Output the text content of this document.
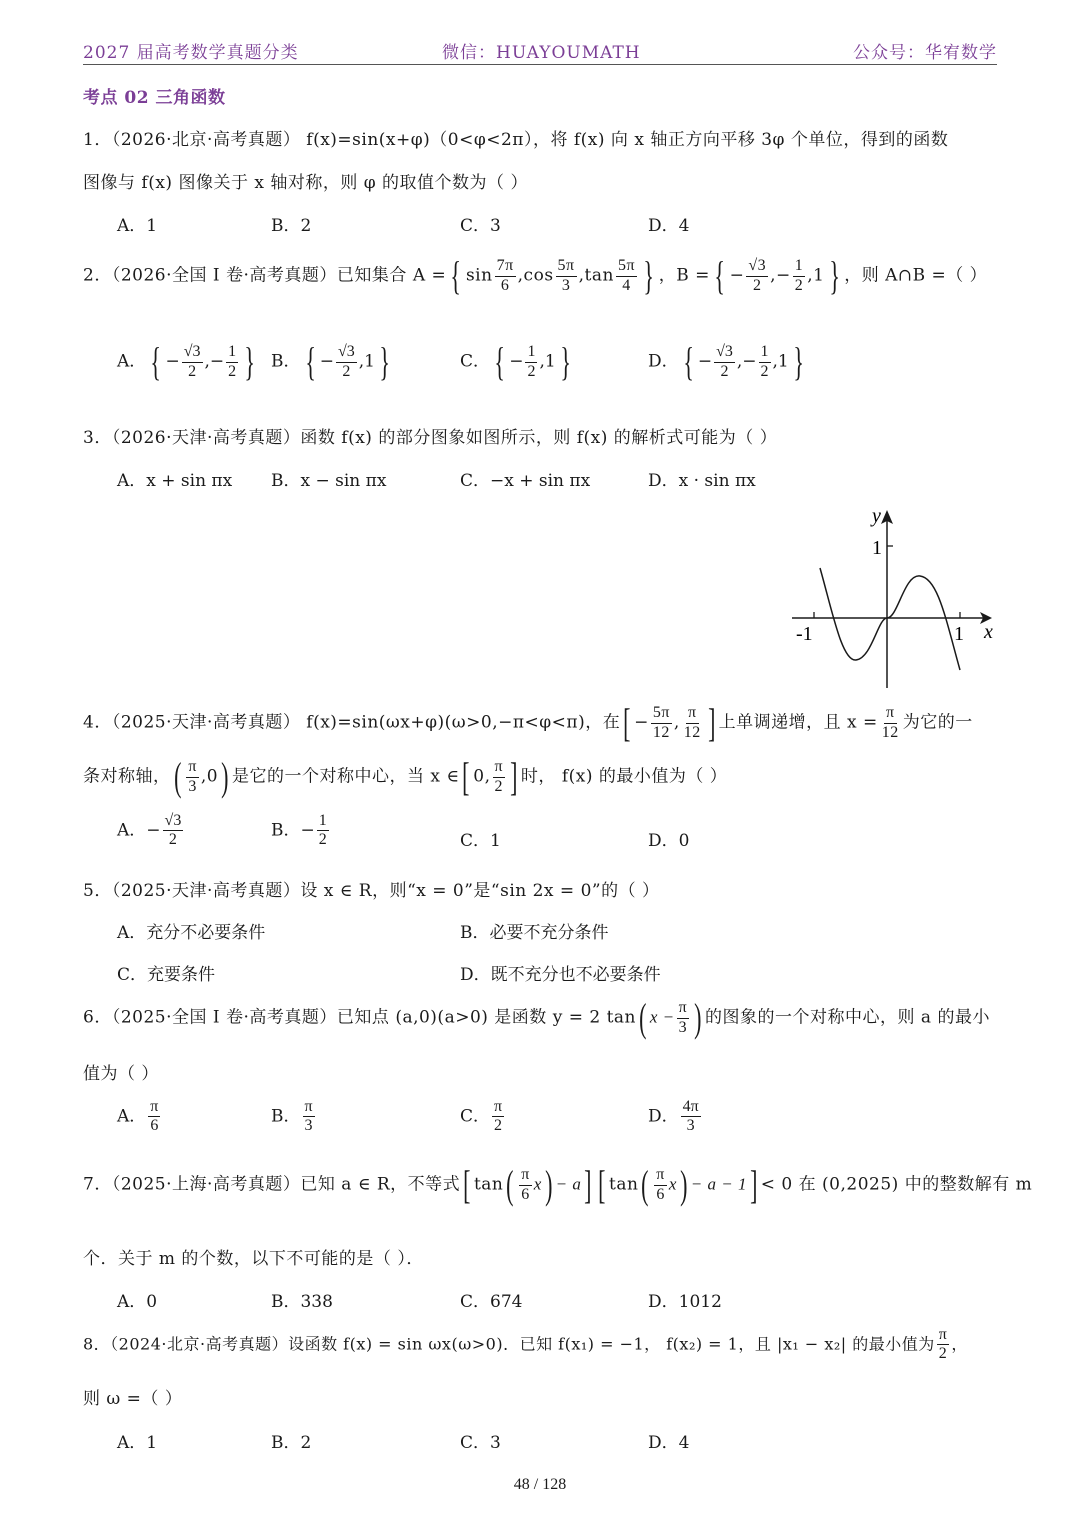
2027 届高考数学真题分类	微信：HUAYOUMATH	公众号：华宥数学
考点 02 三角函数
1．（2026·北京·高考真题） f(x)=sin(x+φ)（0<φ<2π），将 f(x) 向 x 轴正方向平移 3φ 个单位，得到的函数
图像与 f(x) 图像关于 x 轴对称，则 φ 的取值个数为（ ）
A．1	B．2	C．3	D．4
2．（2026·全国 I 卷·高考真题）已知集合 A = { $\sin \frac{7\pi}{6} ,\cos \frac{5\pi}{3} ,\tan \frac{5\pi}{4}$ } ，B = { − $\frac{√3}{2}$ ,− $\frac{1}{2} ,1$ } ，则 A∩B =（ ）
A． { − $\frac{√3}{2}$ ,− $\frac{1}{2}$ } B． { − $\frac{√3}{2} ,1$ }	C． { − $\frac{1}{2} ,1$ }	D． { − $\frac{√3}{2}$ ,− $\frac{1}{2} ,1$ }
3．（2026·天津·高考真题）函数 f(x) 的部分图象如图所示，则 f(x) 的解析式可能为（ ）
A．x + sin πx B．x − sin πx	C．−x + sin πx	D．x · sin πx
y
1
-1	1 x
4．（2025·天津·高考真题） f(x)=sin(ωx+φ)(ω>0,−π<φ<π)，在[ − $\frac{5\pi}{12}$ , $\frac{\pi}{12}$ ] 上单调递增，且 $x = \frac{\pi}{12}$ 为它的一
条对称轴，( $\frac{\pi}{3} ,0$) 是它的一个对称中心，当 x ∈[ 0, $\frac{\pi}{2}$ ] 时， f(x) 的最小值为（ ）
A．− $\frac{√3}{2}$	B．− $\frac{1}{2}$	C．1	D．0
5．（2025·天津·高考真题）设 x ∈ R，则“x = 0”是“sin 2x = 0”的（ ）
A．充分不必要条件	B．必要不充分条件
C．充要条件	D．既不充分也不必要条件
6．（2025·全国 I 卷·高考真题）已知点 (a,0)(a>0) 是函数 y = 2 tan( $x - \frac{\pi}{3}$ ) 的图象的一个对称中心，则 a 的最小
值为（ ）
A． $\frac{\pi}{6}$	B． $\frac{\pi}{3}$	C． $\frac{\pi}{2}$	D． $\frac{4\pi}{3}$
7．（2025·上海·高考真题）已知 a ∈ R，不等式[ $\tan( \frac{\pi}{6} x) - a$] [ $\tan( \frac{\pi}{6} x) - a - 1] < 0$ 在 (0,2025) 中的整数解有 m
个．关于 m 的个数，以下不可能的是（ ）．
A．0	B．338	C．674	D．1012
8．（2024·北京·高考真题）设函数 f(x) = sin ωx(ω>0)．已知 f(x₁) = −1， f(x₂) = 1，且 |x₁ − x₂| 的最小值为 $\frac{\pi}{2}$ ，
则 ω =（ ）
A．1	B．2	C．3	D．4
48 / 128
